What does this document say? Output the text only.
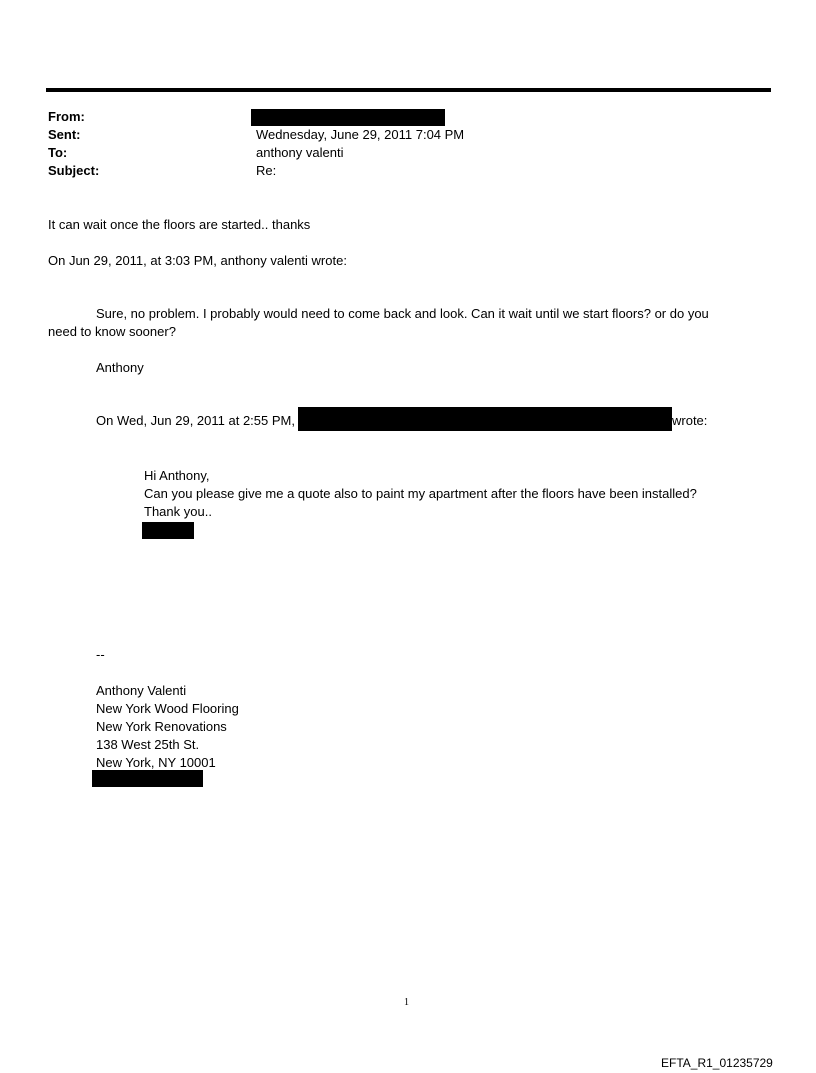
From:
Sent:
To:
Subject:
Wednesday, June 29, 2011 7:04 PM
anthony valenti
Re:
It can wait once the floors are started.. thanks
On Jun 29, 2011, at 3:03 PM, anthony valenti wrote:
Sure, no problem. I probably would need to come back and look. Can it wait until we start floors? or do you
need to know sooner?
Anthony
On Wed, Jun 29, 2011 at 2:55 PM,	wrote:
Hi Anthony,
Can you please give me a quote also to paint my apartment after the floors have been installed?
Thank you..
--
Anthony Valenti
New York Wood Flooring
New York Renovations
138 West 25th St.
New York, NY 10001
1
EFTA_R1_01235729
